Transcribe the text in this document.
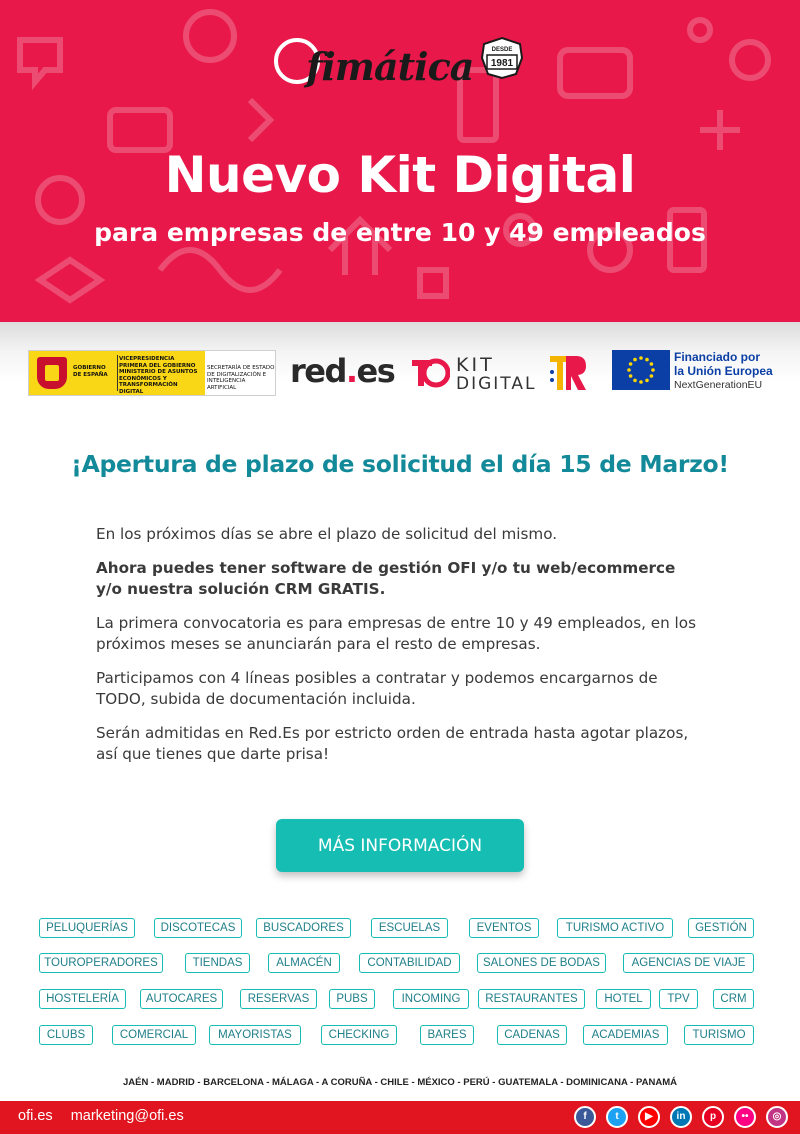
fimática	DESDE
1981
Nuevo Kit Digital
para empresas de entre 10 y 49 empleados
GOBIERNO DE ESPAÑA
VICEPRESIDENCIA PRIMERA DEL GOBIERNO MINISTERIO DE ASUNTOS ECONÓMICOS Y TRANSFORMACIÓN DIGITAL
SECRETARÍA DE ESTADO DE DIGITALIZACIÓN E INTELIGENCIA ARTIFICIAL	red.es	KIT
DIGITAL
Financiado por
la Unión Europea
NextGenerationEU
¡Apertura de plazo de solicitud el día 15 de Marzo!

En los próximos días se abre el plazo de solicitud del mismo.

Ahora puedes tener software de gestión OFI y/o tu web/ecommerce y/o nuestra solución CRM GRATIS.

La primera convocatoria es para empresas de entre 10 y 49 empleados, en los próximos meses se anunciarán para el resto de empresas.

Participamos con 4 líneas posibles a contratar y podemos encargarnos de TODO, subida de documentación incluida.

Serán admitidas en Red.Es por estricto orden de entrada hasta agotar plazos, así que tienes que darte prisa!

MÁS INFORMACIÓN
PELUQUERÍAS	DISCOTECAS	BUSCADORES	ESCUELAS	EVENTOS	TURISMO ACTIVO	GESTIÓN
TOUROPERADORES	TIENDAS	ALMACÉN	CONTABILIDAD	SALONES DE BODAS	AGENCIAS DE VIAJE
HOSTELERÍA	AUTOCARES	RESERVAS	PUBS	INCOMING	RESTAURANTES	HOTEL	TPV	CRM
CLUBS	COMERCIAL	MAYORISTAS	CHECKING	BARES	CADENAS	ACADEMIAS	TURISMO
JAÉN - MADRID - BARCELONA - MÁLAGA - A CORUÑA - CHILE - MÉXICO - PERÚ - GUATEMALA - DOMINICANA - PANAMÁ
ofi.es marketing@ofi.es	f	t	▶	in	p	••	◎
